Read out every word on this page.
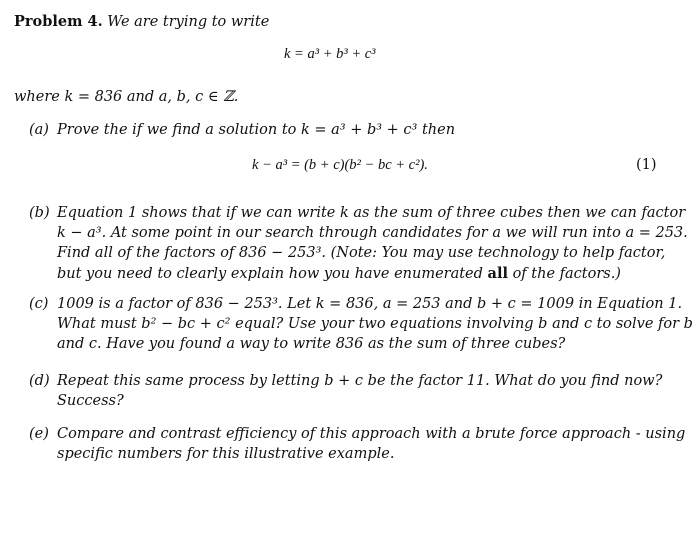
Problem 4. We are trying to write
k = a³ + b³ + c³
where k = 836 and a, b, c ∈ ℤ.
(a) Prove the if we find a solution to k = a³ + b³ + c³ then
k − a³ = (b + c)(b² − bc + c²).	(1)
(b) Equation 1 shows that if we can write k as the sum of three cubes then we can factor
k − a³. At some point in our search through candidates for a we will run into a = 253.
Find all of the factors of 836 − 253³. (Note: You may use technology to help factor,
but you need to clearly explain how you have enumerated all of the factors.)
(c) 1009 is a factor of 836 − 253³. Let k = 836, a = 253 and b + c = 1009 in Equation 1.
What must b² − bc + c² equal? Use your two equations involving b and c to solve for b
and c. Have you found a way to write 836 as the sum of three cubes?
(d) Repeat this same process by letting b + c be the factor 11. What do you find now?
Success?
(e) Compare and contrast efficiency of this approach with a brute force approach - using
specific numbers for this illustrative example.
